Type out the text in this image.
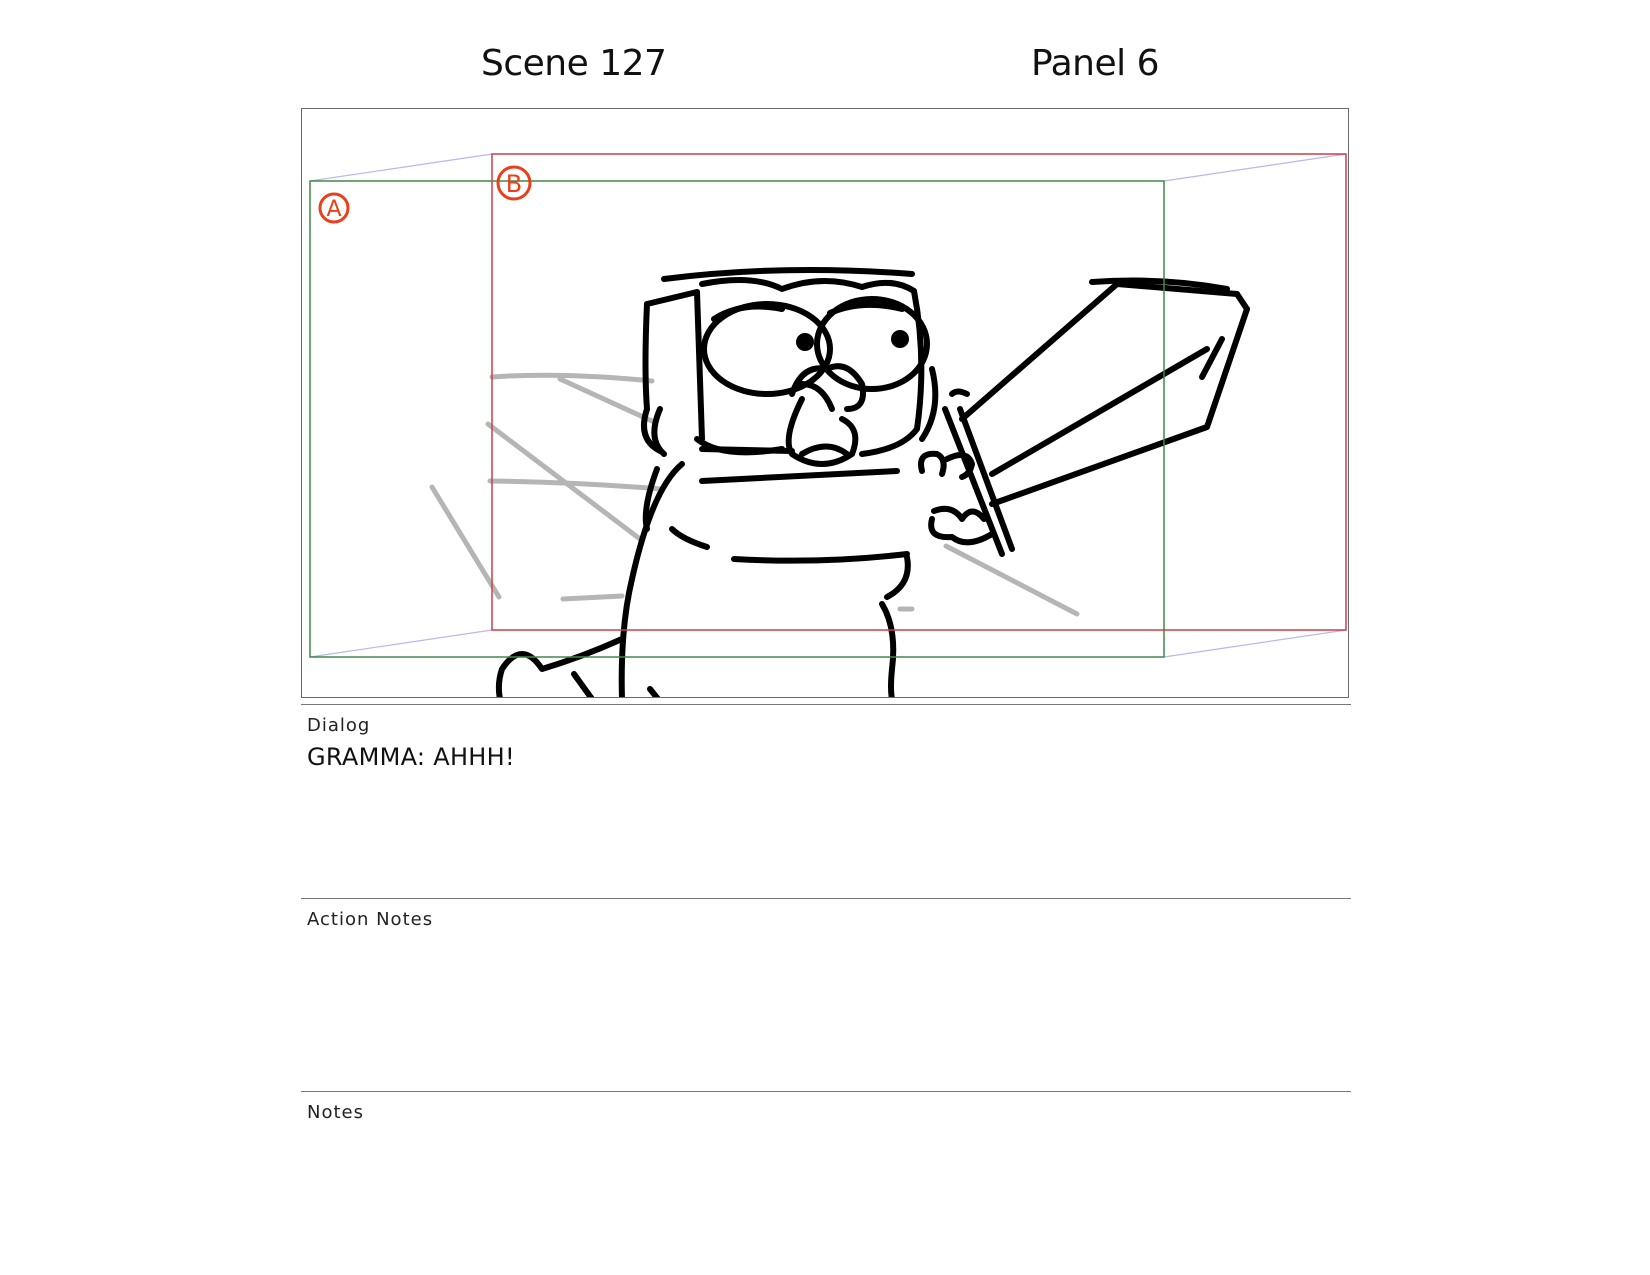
Scene 127	Panel 6
A
B
Dialog
GRAMMA: AHHH!
Action Notes
Notes
